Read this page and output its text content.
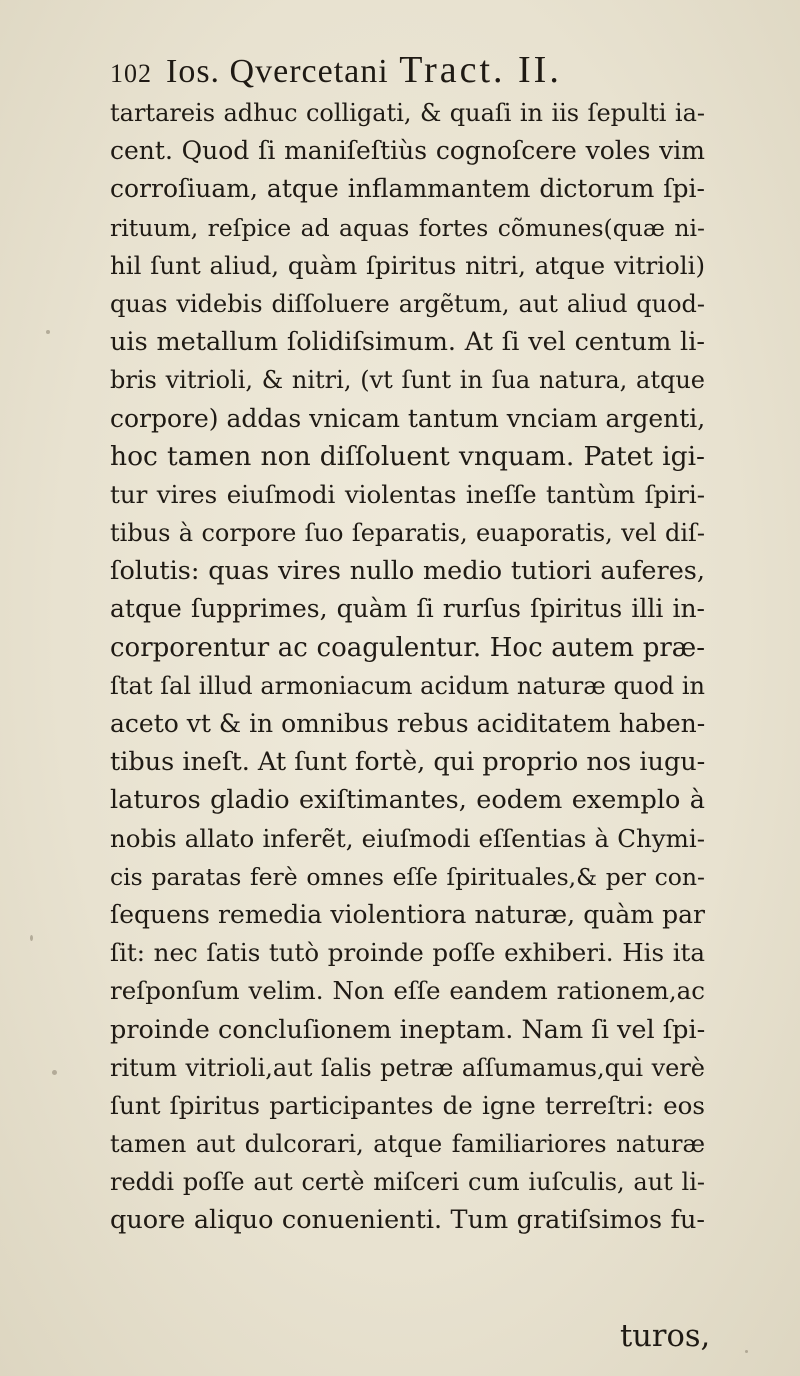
102 Ios. Qvercetani Tract. II.
tartareis adhuc colligati, & quaſi in iis ſepulti ia-
cent. Quod ſi maniſeſtiùs cognoſcere voles vim
corroſiuam, atque inflammantem dictorum ſpi-
rituum, reſpice ad aquas fortes cõmunes(quæ ni-
hil ſunt aliud, quàm ſpiritus nitri, atque vitrioli)
quas videbis diſſoluere argẽtum, aut aliud quod-
uis metallum ſolidiſsimum. At ſi vel centum li-
bris vitrioli, & nitri, (vt ſunt in ſua natura, atque
corpore) addas vnicam tantum vnciam argenti,
hoc tamen non diſſoluent vnquam. Patet igi-
tur vires eiuſmodi violentas ineſſe tantùm ſpiri-
tibus à corpore ſuo ſeparatis, euaporatis, vel diſ-
ſolutis: quas vires nullo medio tutiori auferes,
atque ſupprimes, quàm ſi rurſus ſpiritus illi in-
corporentur ac coagulentur. Hoc autem præ-
ſtat ſal illud armoniacum acidum naturæ quod in
aceto vt & in omnibus rebus aciditatem haben-
tibus ineſt. At ſunt fortè, qui proprio nos iugu-
laturos gladio exiſtimantes, eodem exemplo à
nobis allato inferẽt, eiuſmodi eſſentias à Chymi-
cis paratas ferè omnes eſſe ſpirituales,& per con-
ſequens remedia violentiora naturæ, quàm par
ſit: nec ſatis tutò proinde poſſe exhiberi. His ita
reſponſum velim. Non eſſe eandem rationem,ac
proinde concluſionem ineptam. Nam ſi vel ſpi-
ritum vitrioli,aut ſalis petræ aſſumamus,qui verè
ſunt ſpiritus participantes de igne terreſtri: eos
tamen aut dulcorari, atque familiariores naturæ
reddi poſſe aut certè miſceri cum iuſculis, aut li-
quore aliquo conuenienti. Tum gratiſsimos fu-
turos,
